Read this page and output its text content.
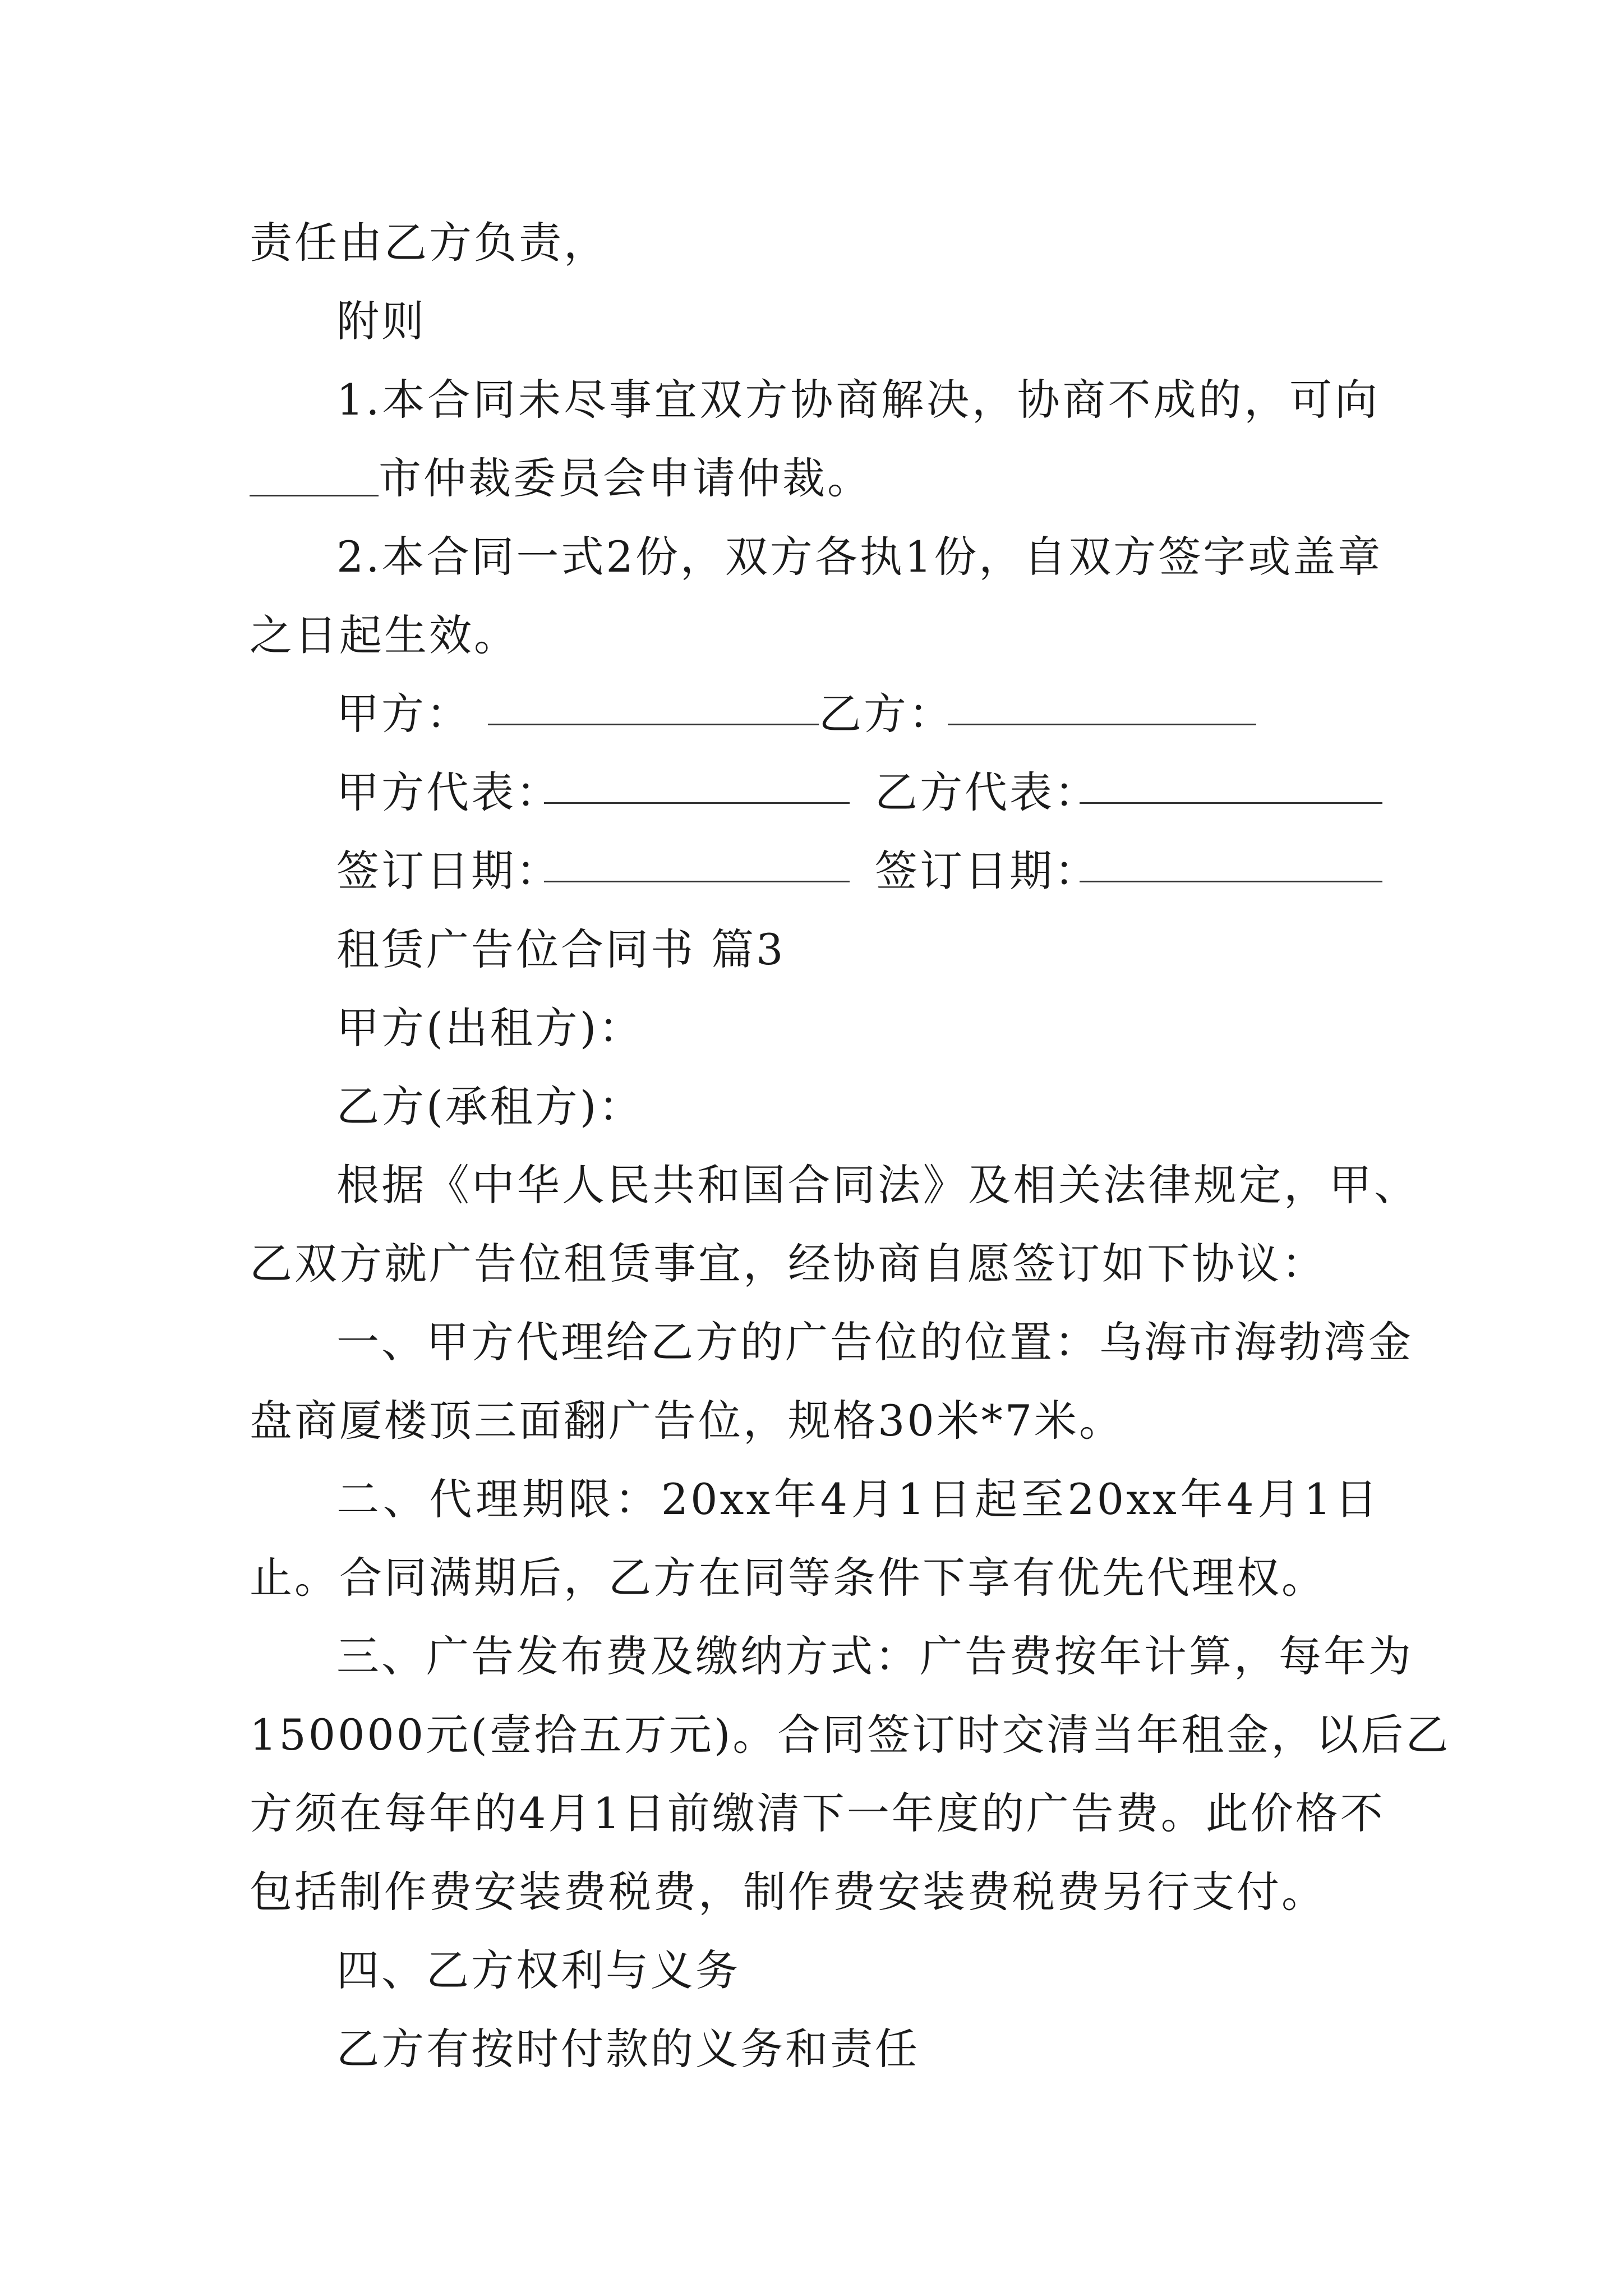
责任由乙方负责，
附则
1.本合同未尽事宜双方协商解决，协商不成的，可向
市仲裁委员会申请仲裁。
2.本合同一式2份，双方各执1份，自双方签字或盖章
之日起生效。
甲方：	乙方：
甲方代表：	乙方代表：
签订日期：	签订日期：
租赁广告位合同书 篇3
甲方(出租方)：
乙方(承租方)：
根据《中华人民共和国合同法》及相关法律规定，甲、
乙双方就广告位租赁事宜，经协商自愿签订如下协议：
一、甲方代理给乙方的广告位的位置：乌海市海勃湾金
盘商厦楼顶三面翻广告位，规格30米*7米。
二、代理期限：20xx年4月1日起至20xx年4月1日
止。合同满期后，乙方在同等条件下享有优先代理权。
三、广告发布费及缴纳方式：广告费按年计算，每年为
150000元(壹拾五万元)。合同签订时交清当年租金，以后乙
方须在每年的4月1日前缴清下一年度的广告费。此价格不
包括制作费安装费税费，制作费安装费税费另行支付。
四、乙方权利与义务
乙方有按时付款的义务和责任
